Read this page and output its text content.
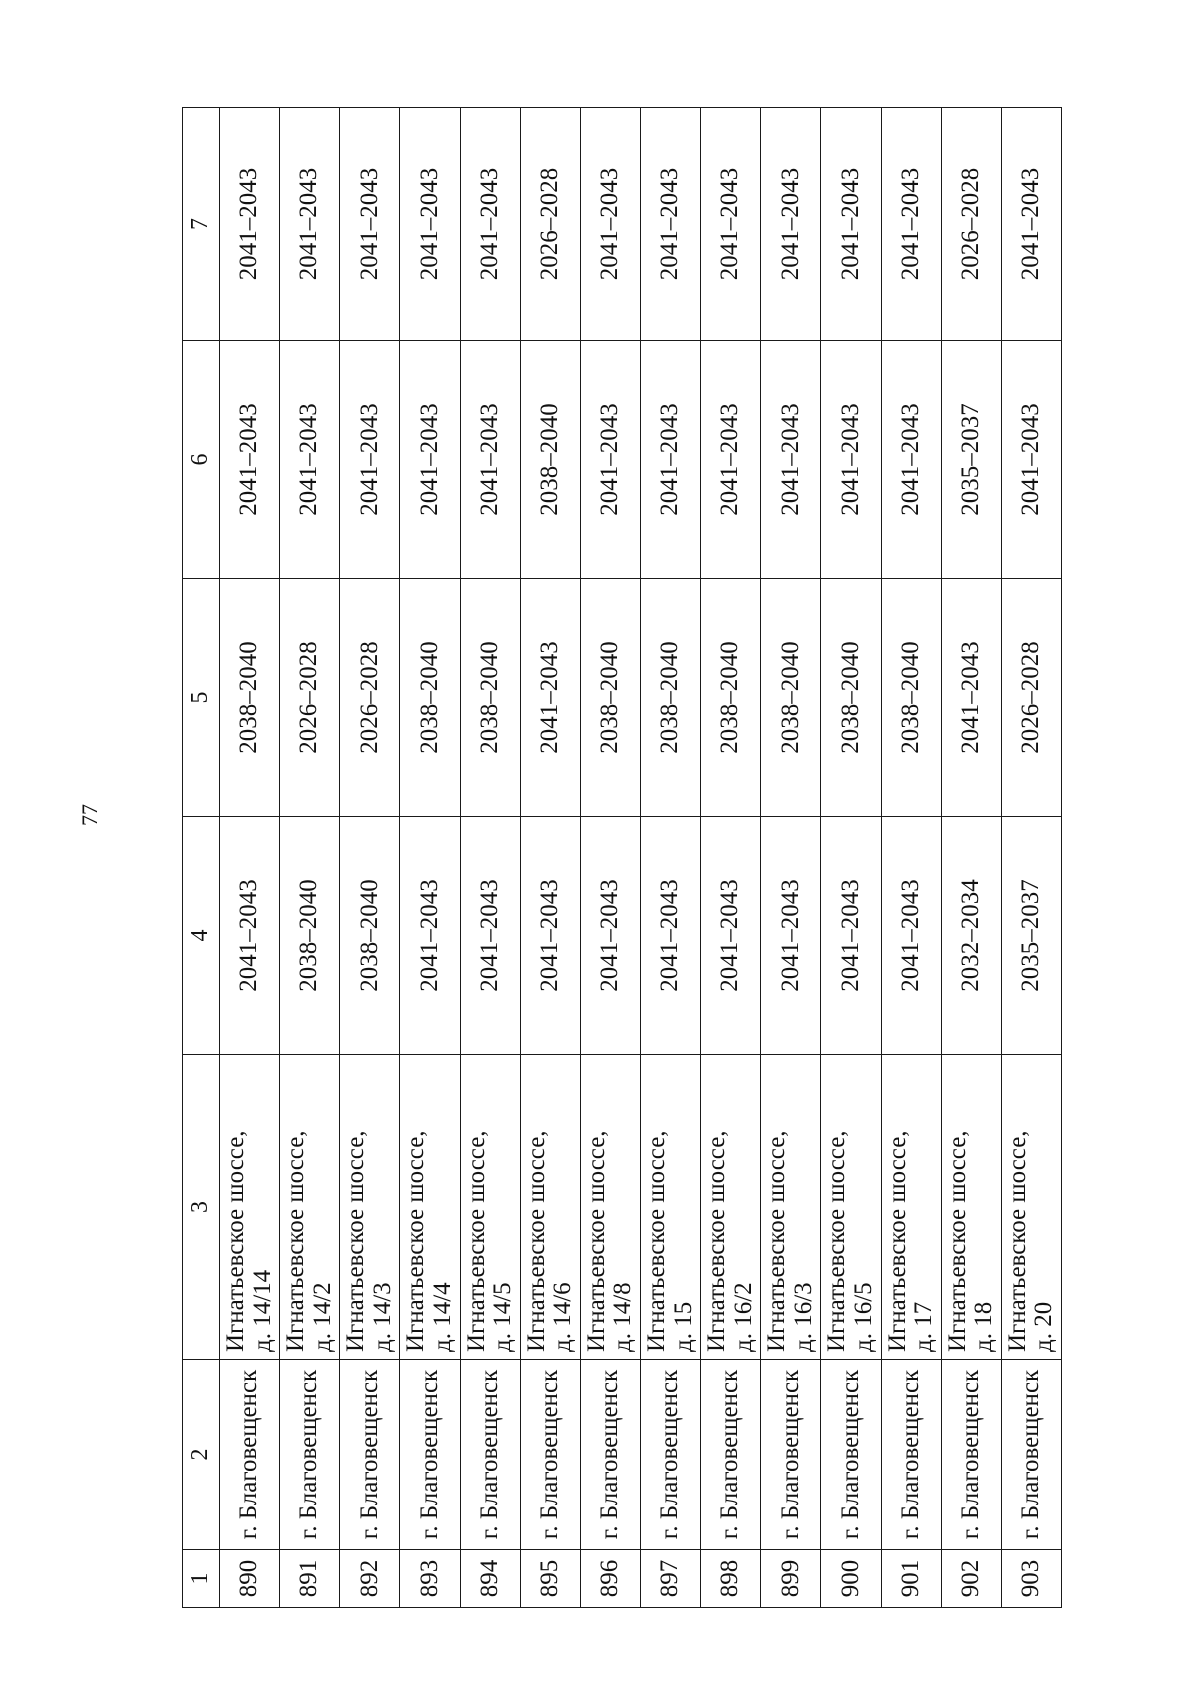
77
1	2	3	4	5	6	7
890	г. Благовещенск	Игнатьевское шоссе, д. 14/14	2041–2043	2038–2040	2041–2043	2041–2043
891	г. Благовещенск	Игнатьевское шоссе, д. 14/2	2038–2040	2026–2028	2041–2043	2041–2043
892	г. Благовещенск	Игнатьевское шоссе, д. 14/3	2038–2040	2026–2028	2041–2043	2041–2043
893	г. Благовещенск	Игнатьевское шоссе, д. 14/4	2041–2043	2038–2040	2041–2043	2041–2043
894	г. Благовещенск	Игнатьевское шоссе, д. 14/5	2041–2043	2038–2040	2041–2043	2041–2043
895	г. Благовещенск	Игнатьевское шоссе, д. 14/6	2041–2043	2041–2043	2038–2040	2026–2028
896	г. Благовещенск	Игнатьевское шоссе, д. 14/8	2041–2043	2038–2040	2041–2043	2041–2043
897	г. Благовещенск	Игнатьевское шоссе, д. 15	2041–2043	2038–2040	2041–2043	2041–2043
898	г. Благовещенск	Игнатьевское шоссе, д. 16/2	2041–2043	2038–2040	2041–2043	2041–2043
899	г. Благовещенск	Игнатьевское шоссе, д. 16/3	2041–2043	2038–2040	2041–2043	2041–2043
900	г. Благовещенск	Игнатьевское шоссе, д. 16/5	2041–2043	2038–2040	2041–2043	2041–2043
901	г. Благовещенск	Игнатьевское шоссе, д. 17	2041–2043	2038–2040	2041–2043	2041–2043
902	г. Благовещенск	Игнатьевское шоссе, д. 18	2032–2034	2041–2043	2035–2037	2026–2028
903	г. Благовещенск	Игнатьевское шоссе, д. 20	2035–2037	2026–2028	2041–2043	2041–2043
